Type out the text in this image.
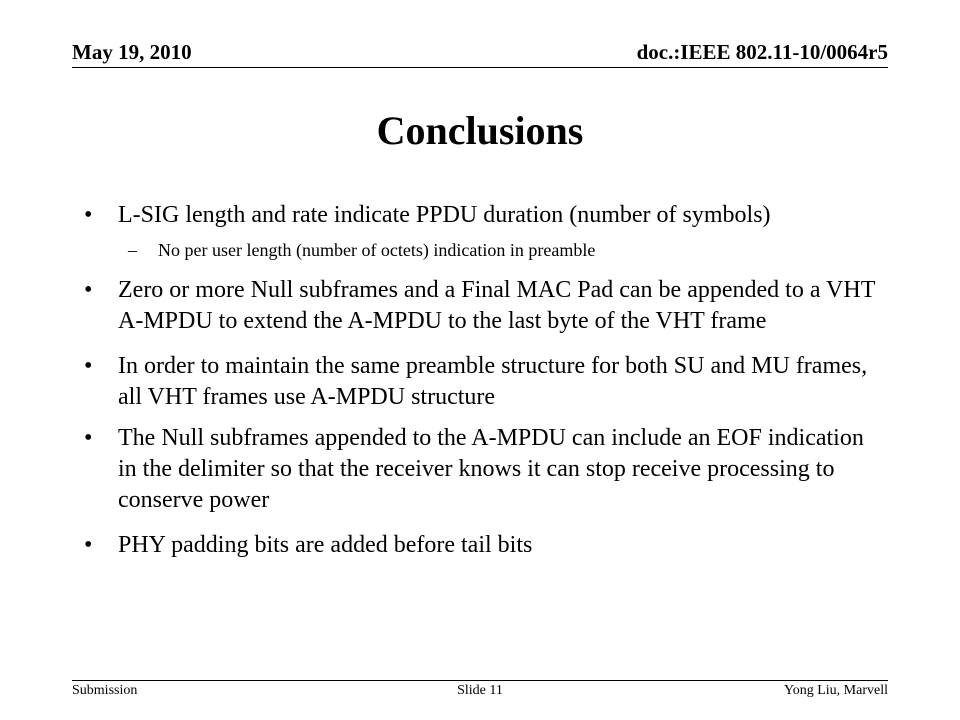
May 19, 2010	doc.:IEEE 802.11-10/0064r5
Conclusions
• L-SIG length and rate indicate PPDU duration (number of symbols)
– No per user length (number of octets) indication in preamble
• Zero or more Null subframes and a Final MAC Pad can be appended to a VHT A-MPDU to extend the A-MPDU to the last byte of the VHT frame
• In order to maintain the same preamble structure for both SU and MU frames, all VHT frames use A-MPDU structure
• The Null subframes appended to the A-MPDU can include an EOF indication in the delimiter so that the receiver knows it can stop receive processing to conserve power
• PHY padding bits are added before tail bits
Submission	Slide 11	Yong Liu, Marvell
